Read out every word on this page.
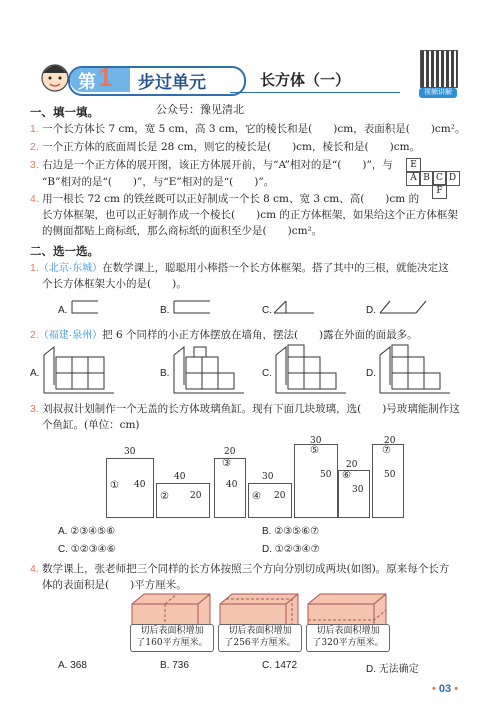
第 1 步过单元	长方体（一）
视频讲解
一、填一填。	公众号：豫见清北
1. 一个长方体长 7 cm，宽 5 cm，高 3 cm，它的棱长和是(　　)cm，表面积是(　　)cm²。
2. 一个正方体的底面周长是 28 cm，则它的棱长是(　　)cm，棱长和是(　　)cm。
3. 右边是一个正方体的展开图，该正方体展开前，与“A”相对的是“(　　)”，与
“B”相对的是“(　　)”，与“E”相对的是“(　　)”。
E
A B C D
F
4. 用一根长 72 cm 的铁丝既可以正好制成一个长 8 cm、宽 3 cm、高(　　)cm 的
长方体框架，也可以正好制作成一个棱长(　　)cm 的正方体框架，如果给这个正方体框架
的侧面都贴上商标纸，那么商标纸的面积至少是(　　)cm²。
二、选一选。
1.（北京·东城）在数学课上，聪聪用小棒搭一个长方体框架。搭了其中的三根，就能决定这
个长方体框架大小的是(　　)。
A.	B.	C.	D.
2.（福建·泉州）把 6 个同样的小正方体摆放在墙角，摆法(　　)露在外面的面最多。
A.	B.	C.	D.
3. 刘叔叔计划制作一个无盖的长方体玻璃鱼缸。现有下面几块玻璃，选(　　)号玻璃能制作这
个鱼缸。(单位：cm)
30
① 40
40
② 20
20
③
40
30
④ 20
30
⑤
50
20
⑥
30
20
⑦
50
A. ②③④⑤⑥	B. ②③⑤⑥⑦
C. ①②③④⑥	D. ①②③④⑦
4. 数学课上，张老师把三个同样的长方体按照三个方向分别切成两块(如图)。原来每个长方
体的表面积是(　　)平方厘米。
切后表面积增加
了160平方厘米。
切后表面积增加
了256平方厘米。
切后表面积增加
了320平方厘米。
A. 368	B. 736	C. 1472	D. 无法确定
• 03 •
